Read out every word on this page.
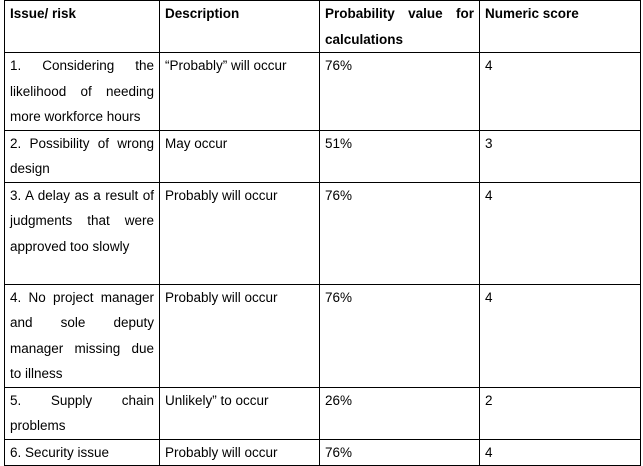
Issue/ risk	Description	Probability value for calculations	Numeric score
1. Considering the likelihood of needing more workforce hours	“Probably” will occur	76%	4
2. Possibility of wrong design	May occur	51%	3
3. A delay as a result of judgments that were approved too slowly	Probably will occur	76%	4
4. No project manager and sole deputy manager missing due to illness	Probably will occur	76%	4
5. Supply chain problems	Unlikely” to occur	26%	2
6. Security issue	Probably will occur	76%	4
